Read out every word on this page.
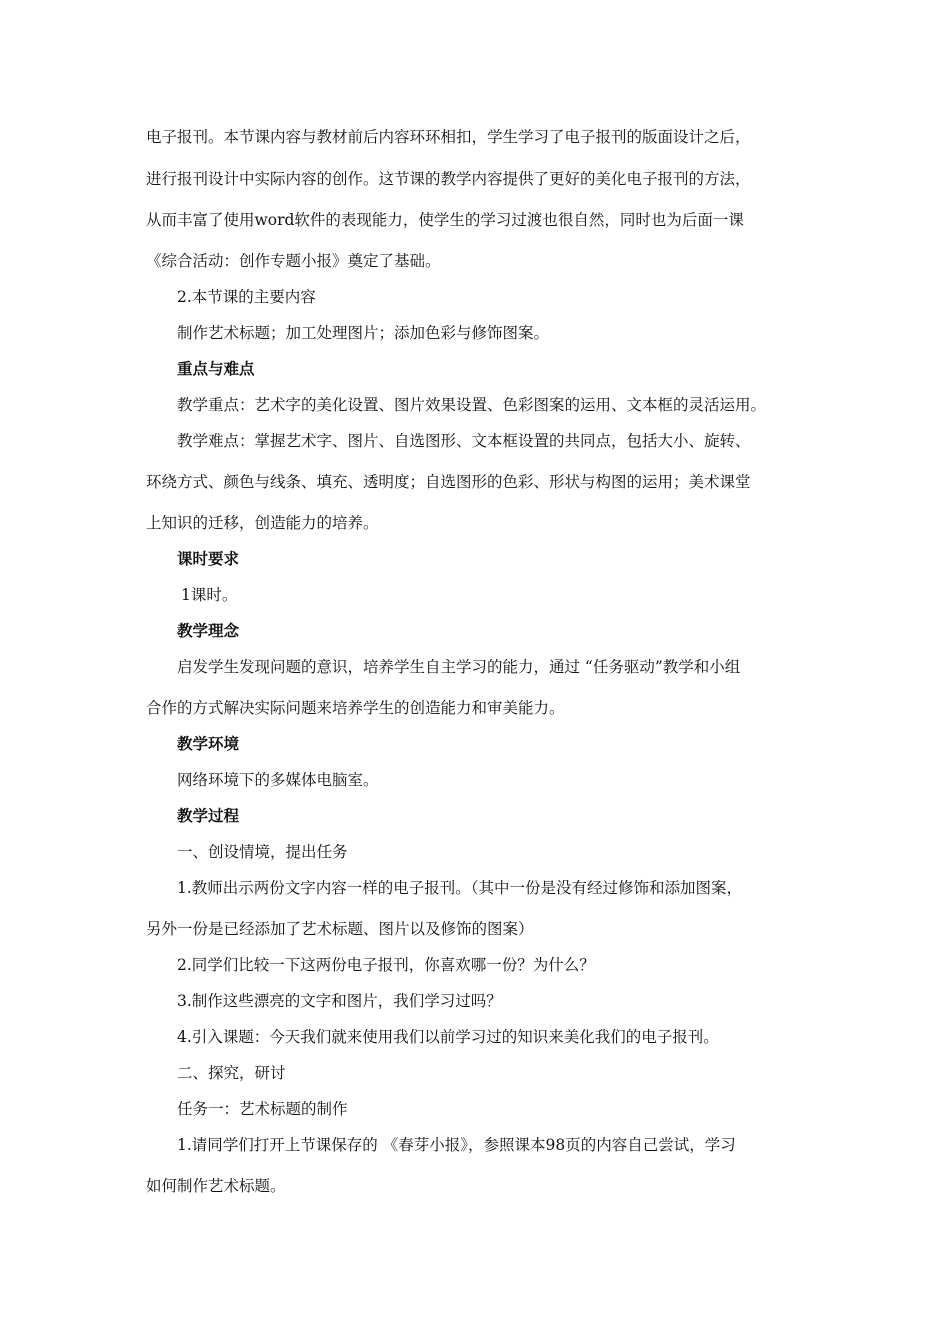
电子报刊。本节课内容与教材前后内容环环相扣，学生学习了电子报刊的版面设计之后，
进行报刊设计中实际内容的创作。这节课的教学内容提供了更好的美化电子报刊的方法，
从而丰富了使用word软件的表现能力，使学生的学习过渡也很自然，同时也为后面一课
《综合活动：创作专题小报》奠定了基础。
2.本节课的主要内容
制作艺术标题；加工处理图片；添加色彩与修饰图案。
重点与难点
教学重点：艺术字的美化设置、图片效果设置、色彩图案的运用、文本框的灵活运用。
教学难点：掌握艺术字、图片、自选图形、文本框设置的共同点，包括大小、旋转、
环绕方式、颜色与线条、填充、透明度；自选图形的色彩、形状与构图的运用；美术课堂
上知识的迁移，创造能力的培养。
课时要求
1课时。
教学理念
启发学生发现问题的意识，培养学生自主学习的能力，通过 “任务驱动”教学和小组
合作的方式解决实际问题来培养学生的创造能力和审美能力。
教学环境
网络环境下的多媒体电脑室。
教学过程
一、创设情境，提出任务
1.教师出示两份文字内容一样的电子报刊。（其中一份是没有经过修饰和添加图案，
另外一份是已经添加了艺术标题、图片以及修饰的图案）
2.同学们比较一下这两份电子报刊，你喜欢哪一份？为什么？
3.制作这些漂亮的文字和图片，我们学习过吗？
4.引入课题：今天我们就来使用我们以前学习过的知识来美化我们的电子报刊。
二、探究，研讨
任务一：艺术标题的制作
1.请同学们打开上节课保存的 《春芽小报》，参照课本98页的内容自己尝试，学习
如何制作艺术标题。
